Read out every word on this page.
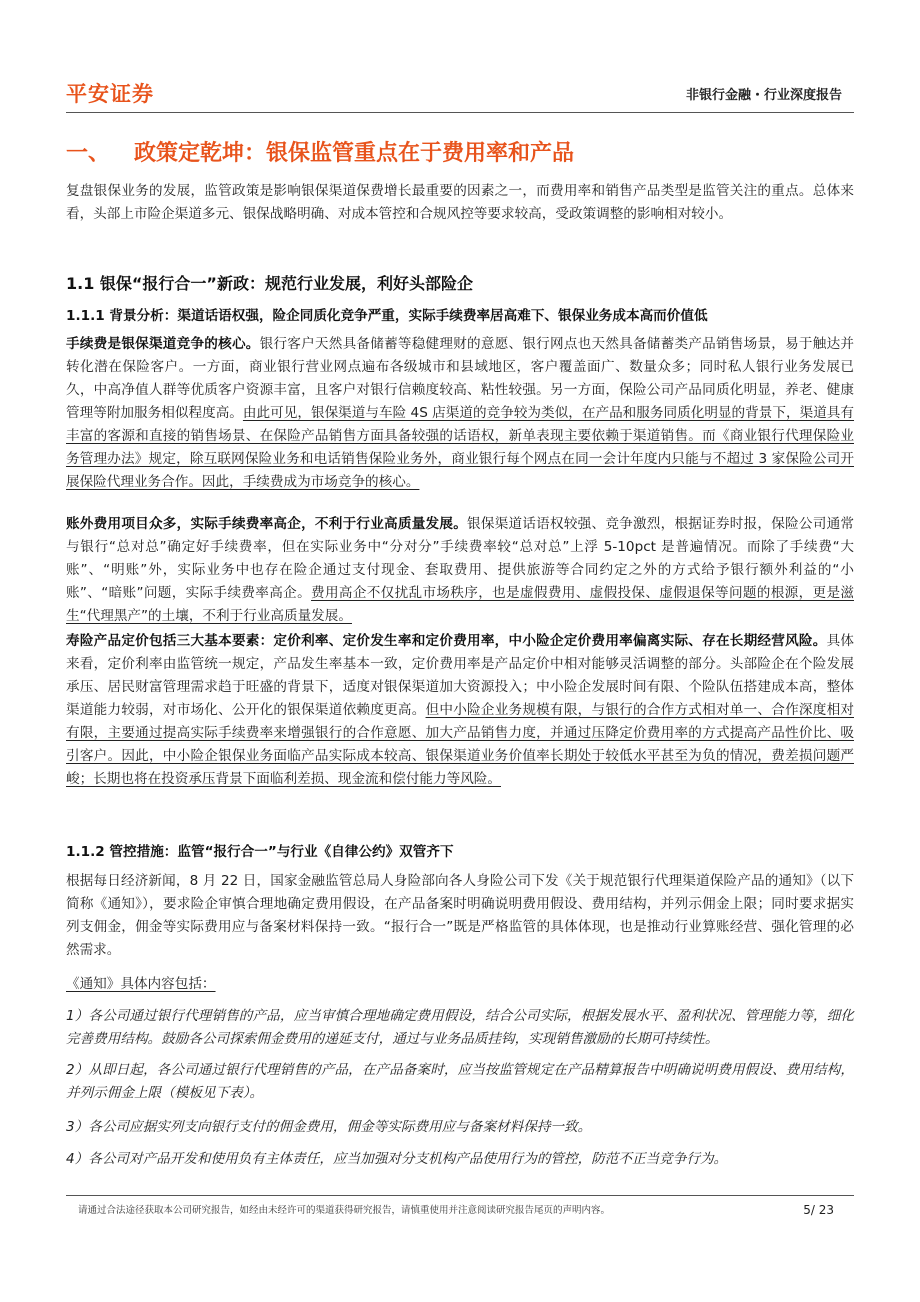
平安证券	非银行金融・行业深度报告
一、 政策定乾坤：银保监管重点在于费用率和产品

复盘银保业务的发展，监管政策是影响银保渠道保费增长最重要的因素之一，而费用率和销售产品类型是监管关注的重点。总体来看，头部上市险企渠道多元、银保战略明确、对成本管控和合规风控等要求较高，受政策调整的影响相对较小。

1.1 银保“报行合一”新政：规范行业发展，利好头部险企
1.1.1 背景分析：渠道话语权强，险企同质化竞争严重，实际手续费率居高难下、银保业务成本高而价值低

手续费是银保渠道竞争的核心。银行客户天然具备储蓄等稳健理财的意愿、银行网点也天然具备储蓄类产品销售场景，易于触达并转化潜在保险客户。一方面，商业银行营业网点遍布各级城市和县域地区，客户覆盖面广、数量众多；同时私人银行业务发展已久，中高净值人群等优质客户资源丰富，且客户对银行信赖度较高、粘性较强。另一方面，保险公司产品同质化明显，养老、健康管理等附加服务相似程度高。由此可见，银保渠道与车险 4S 店渠道的竞争较为类似，在产品和服务同质化明显的背景下，渠道具有丰富的客源和直接的销售场景、在保险产品销售方面具备较强的话语权，新单表现主要依赖于渠道销售。而《商业银行代理保险业务管理办法》规定，除互联网保险业务和电话销售保险业务外，商业银行每个网点在同一会计年度内只能与不超过 3 家保险公司开展保险代理业务合作。因此，手续费成为市场竞争的核心。

账外费用项目众多，实际手续费率高企，不利于行业高质量发展。银保渠道话语权较强、竞争激烈，根据证券时报，保险公司通常与银行“总对总”确定好手续费率，但在实际业务中“分对分”手续费率较“总对总”上浮 5-10pct 是普遍情况。而除了手续费“大账”、“明账”外，实际业务中也存在险企通过支付现金、套取费用、提供旅游等合同约定之外的方式给予银行额外利益的“小账”、“暗账”问题，实际手续费率高企。费用高企不仅扰乱市场秩序，也是虚假费用、虚假投保、虚假退保等问题的根源，更是滋生“代理黑产”的土壤，不利于行业高质量发展。

寿险产品定价包括三大基本要素：定价利率、定价发生率和定价费用率，中小险企定价费用率偏离实际、存在长期经营风险。具体来看，定价利率由监管统一规定，产品发生率基本一致，定价费用率是产品定价中相对能够灵活调整的部分。头部险企在个险发展承压、居民财富管理需求趋于旺盛的背景下，适度对银保渠道加大资源投入；中小险企发展时间有限、个险队伍搭建成本高，整体渠道能力较弱，对市场化、公开化的银保渠道依赖度更高。但中小险企业务规模有限，与银行的合作方式相对单一、合作深度相对有限，主要通过提高实际手续费率来增强银行的合作意愿、加大产品销售力度，并通过压降定价费用率的方式提高产品性价比、吸引客户。因此，中小险企银保业务面临产品实际成本较高、银保渠道业务价值率长期处于较低水平甚至为负的情况，费差损问题严峻；长期也将在投资承压背景下面临利差损、现金流和偿付能力等风险。

1.1.2 管控措施：监管“报行合一”与行业《自律公约》双管齐下

根据每日经济新闻，8 月 22 日，国家金融监管总局人身险部向各人身险公司下发《关于规范银行代理渠道保险产品的通知》（以下简称《通知》），要求险企审慎合理地确定费用假设，在产品备案时明确说明费用假设、费用结构，并列示佣金上限；同时要求据实列支佣金，佣金等实际费用应与备案材料保持一致。“报行合一”既是严格监管的具体体现，也是推动行业算账经营、强化管理的必然需求。

《通知》具体内容包括：

1）各公司通过银行代理销售的产品，应当审慎合理地确定费用假设，结合公司实际，根据发展水平、盈利状况、管理能力等，细化完善费用结构。鼓励各公司探索佣金费用的递延支付，通过与业务品质挂钩，实现销售激励的长期可持续性。

2）从即日起，各公司通过银行代理销售的产品，在产品备案时，应当按监管规定在产品精算报告中明确说明费用假设、费用结构，并列示佣金上限（模板见下表）。

3）各公司应据实列支向银行支付的佣金费用，佣金等实际费用应与备案材料保持一致。

4）各公司对产品开发和使用负有主体责任，应当加强对分支机构产品使用行为的管控，防范不正当竞争行为。

请通过合法途径获取本公司研究报告，如经由未经许可的渠道获得研究报告，请慎重使用并注意阅读研究报告尾页的声明内容。	5/ 23
